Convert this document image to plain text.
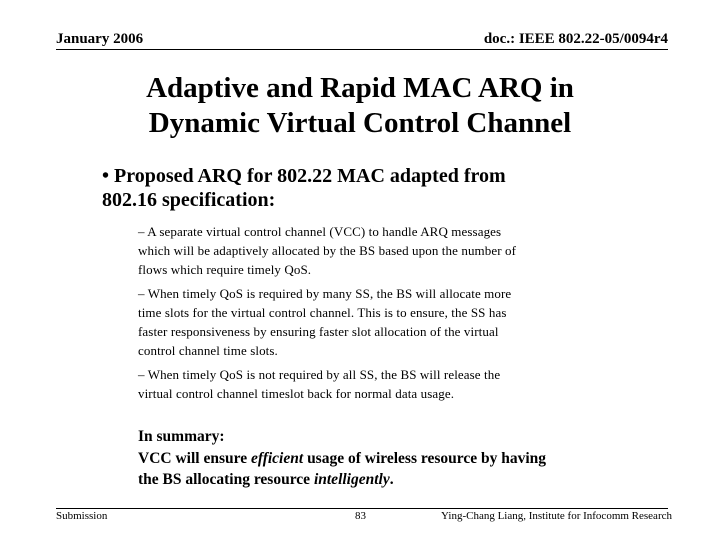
January 2006	doc.: IEEE 802.22-05/0094r4
Adaptive and Rapid MAC ARQ in
Dynamic Virtual Control Channel
• Proposed ARQ for 802.22 MAC adapted from
802.16 specification:
– A separate virtual control channel (VCC) to handle ARQ messages
which will be adaptively allocated by the BS based upon the number of
flows which require timely QoS.
– When timely QoS is required by many SS, the BS will allocate more
time slots for the virtual control channel. This is to ensure, the SS has
faster responsiveness by ensuring faster slot allocation of the virtual
control channel time slots.
– When timely QoS is not required by all SS, the BS will release the
virtual control channel timeslot back for normal data usage.
In summary:
VCC will ensure efficient usage of wireless resource by having
the BS allocating resource intelligently.
Submission	83	Ying-Chang Liang, Institute for Infocomm Research
